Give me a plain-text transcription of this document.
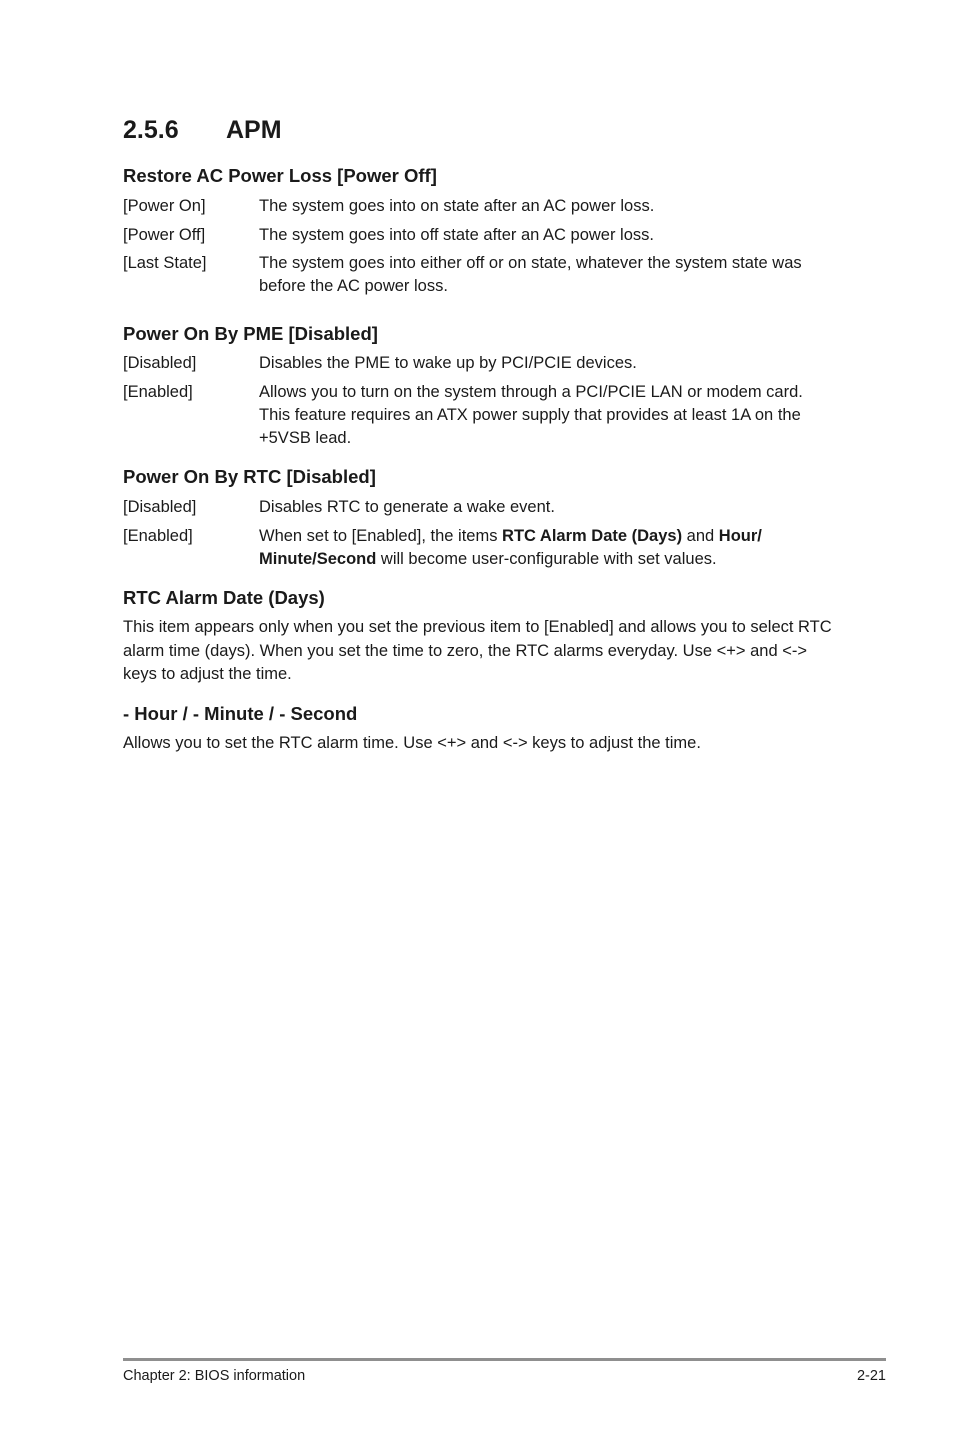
2.5.6 APM
Restore AC Power Loss [Power Off]
[Power On]	The system goes into on state after an AC power loss.
[Power Off]	The system goes into off state after an AC power loss.
[Last State]	The system goes into either off or on state, whatever the system state was before the AC power loss.
Power On By PME [Disabled]
[Disabled]	Disables the PME to wake up by PCI/PCIE devices.
[Enabled]	Allows you to turn on the system through a PCI/PCIE LAN or modem card. This feature requires an ATX power supply that provides at least 1A on the +5VSB lead.
Power On By RTC [Disabled]
[Disabled]	Disables RTC to generate a wake event.
[Enabled]	When set to [Enabled], the items RTC Alarm Date (Days) and Hour/ Minute/Second will become user-configurable with set values.
RTC Alarm Date (Days)

This item appears only when you set the previous item to [Enabled] and allows you to select RTC alarm time (days). When you set the time to zero, the RTC alarms everyday. Use <+> and <-> keys to adjust the time.

- Hour / - Minute / - Second

Allows you to set the RTC alarm time. Use <+> and <-> keys to adjust the time.

Chapter 2: BIOS information	2-21
